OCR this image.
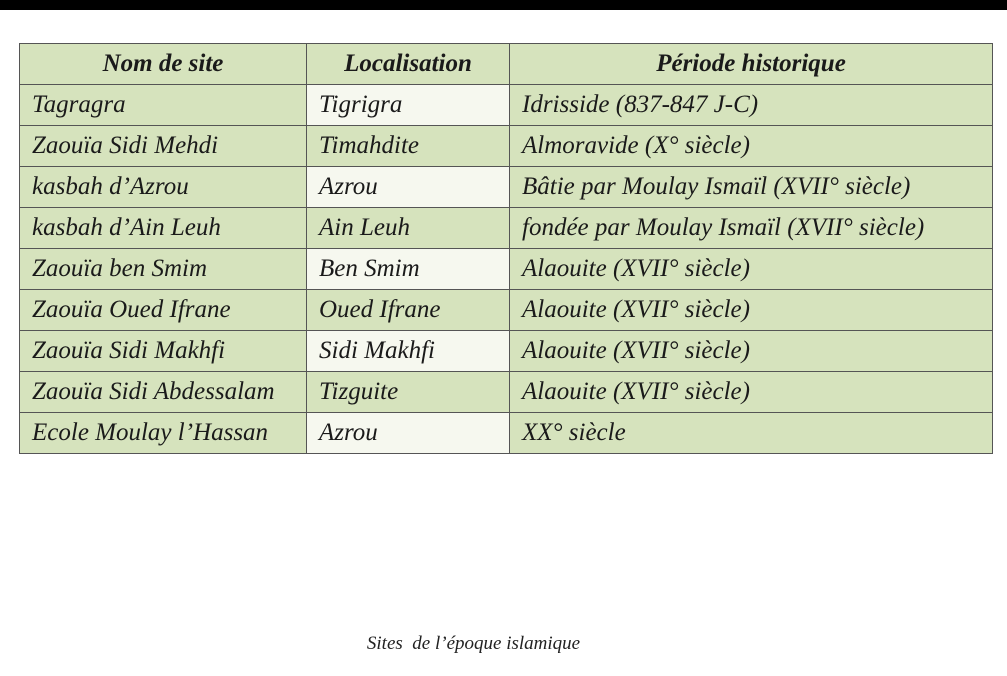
Nom de site	Localisation	Période historique
Tagragra	Tigrigra	Idrisside (837-847 J-C)
Zaouïa Sidi Mehdi	Timahdite	Almoravide (X° siècle)
kasbah d’Azrou	Azrou	Bâtie par Moulay Ismaïl (XVII° siècle)
kasbah d’Ain Leuh	Ain Leuh	fondée par Moulay Ismaïl (XVII° siècle)
Zaouïa ben Smim	Ben Smim	Alaouite (XVII° siècle)
Zaouïa Oued Ifrane	Oued Ifrane	Alaouite (XVII° siècle)
Zaouïa Sidi Makhfi	Sidi Makhfi	Alaouite (XVII° siècle)
Zaouïa Sidi Abdessalam	Tizguite	Alaouite (XVII° siècle)
Ecole Moulay l’Hassan	Azrou	XX° siècle
Sites  de l’époque islamique
